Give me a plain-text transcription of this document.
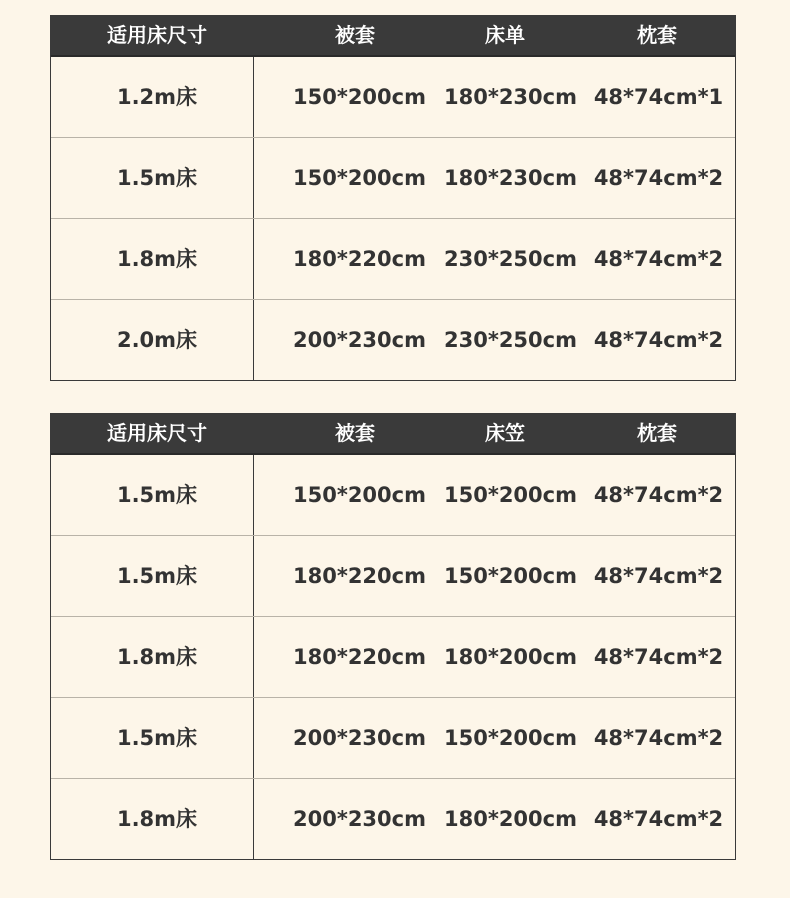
适用床尺寸	被套	床单	枕套
1.2m床	150*200cm 180*230cm 48*74cm*1
1.5m床	150*200cm 180*230cm 48*74cm*2
1.8m床	180*220cm 230*250cm 48*74cm*2
2.0m床	200*230cm 230*250cm 48*74cm*2
适用床尺寸	被套	床笠	枕套
1.5m床	150*200cm 150*200cm 48*74cm*2
1.5m床	180*220cm 150*200cm 48*74cm*2
1.8m床	180*220cm 180*200cm 48*74cm*2
1.5m床	200*230cm 150*200cm 48*74cm*2
1.8m床	200*230cm 180*200cm 48*74cm*2
